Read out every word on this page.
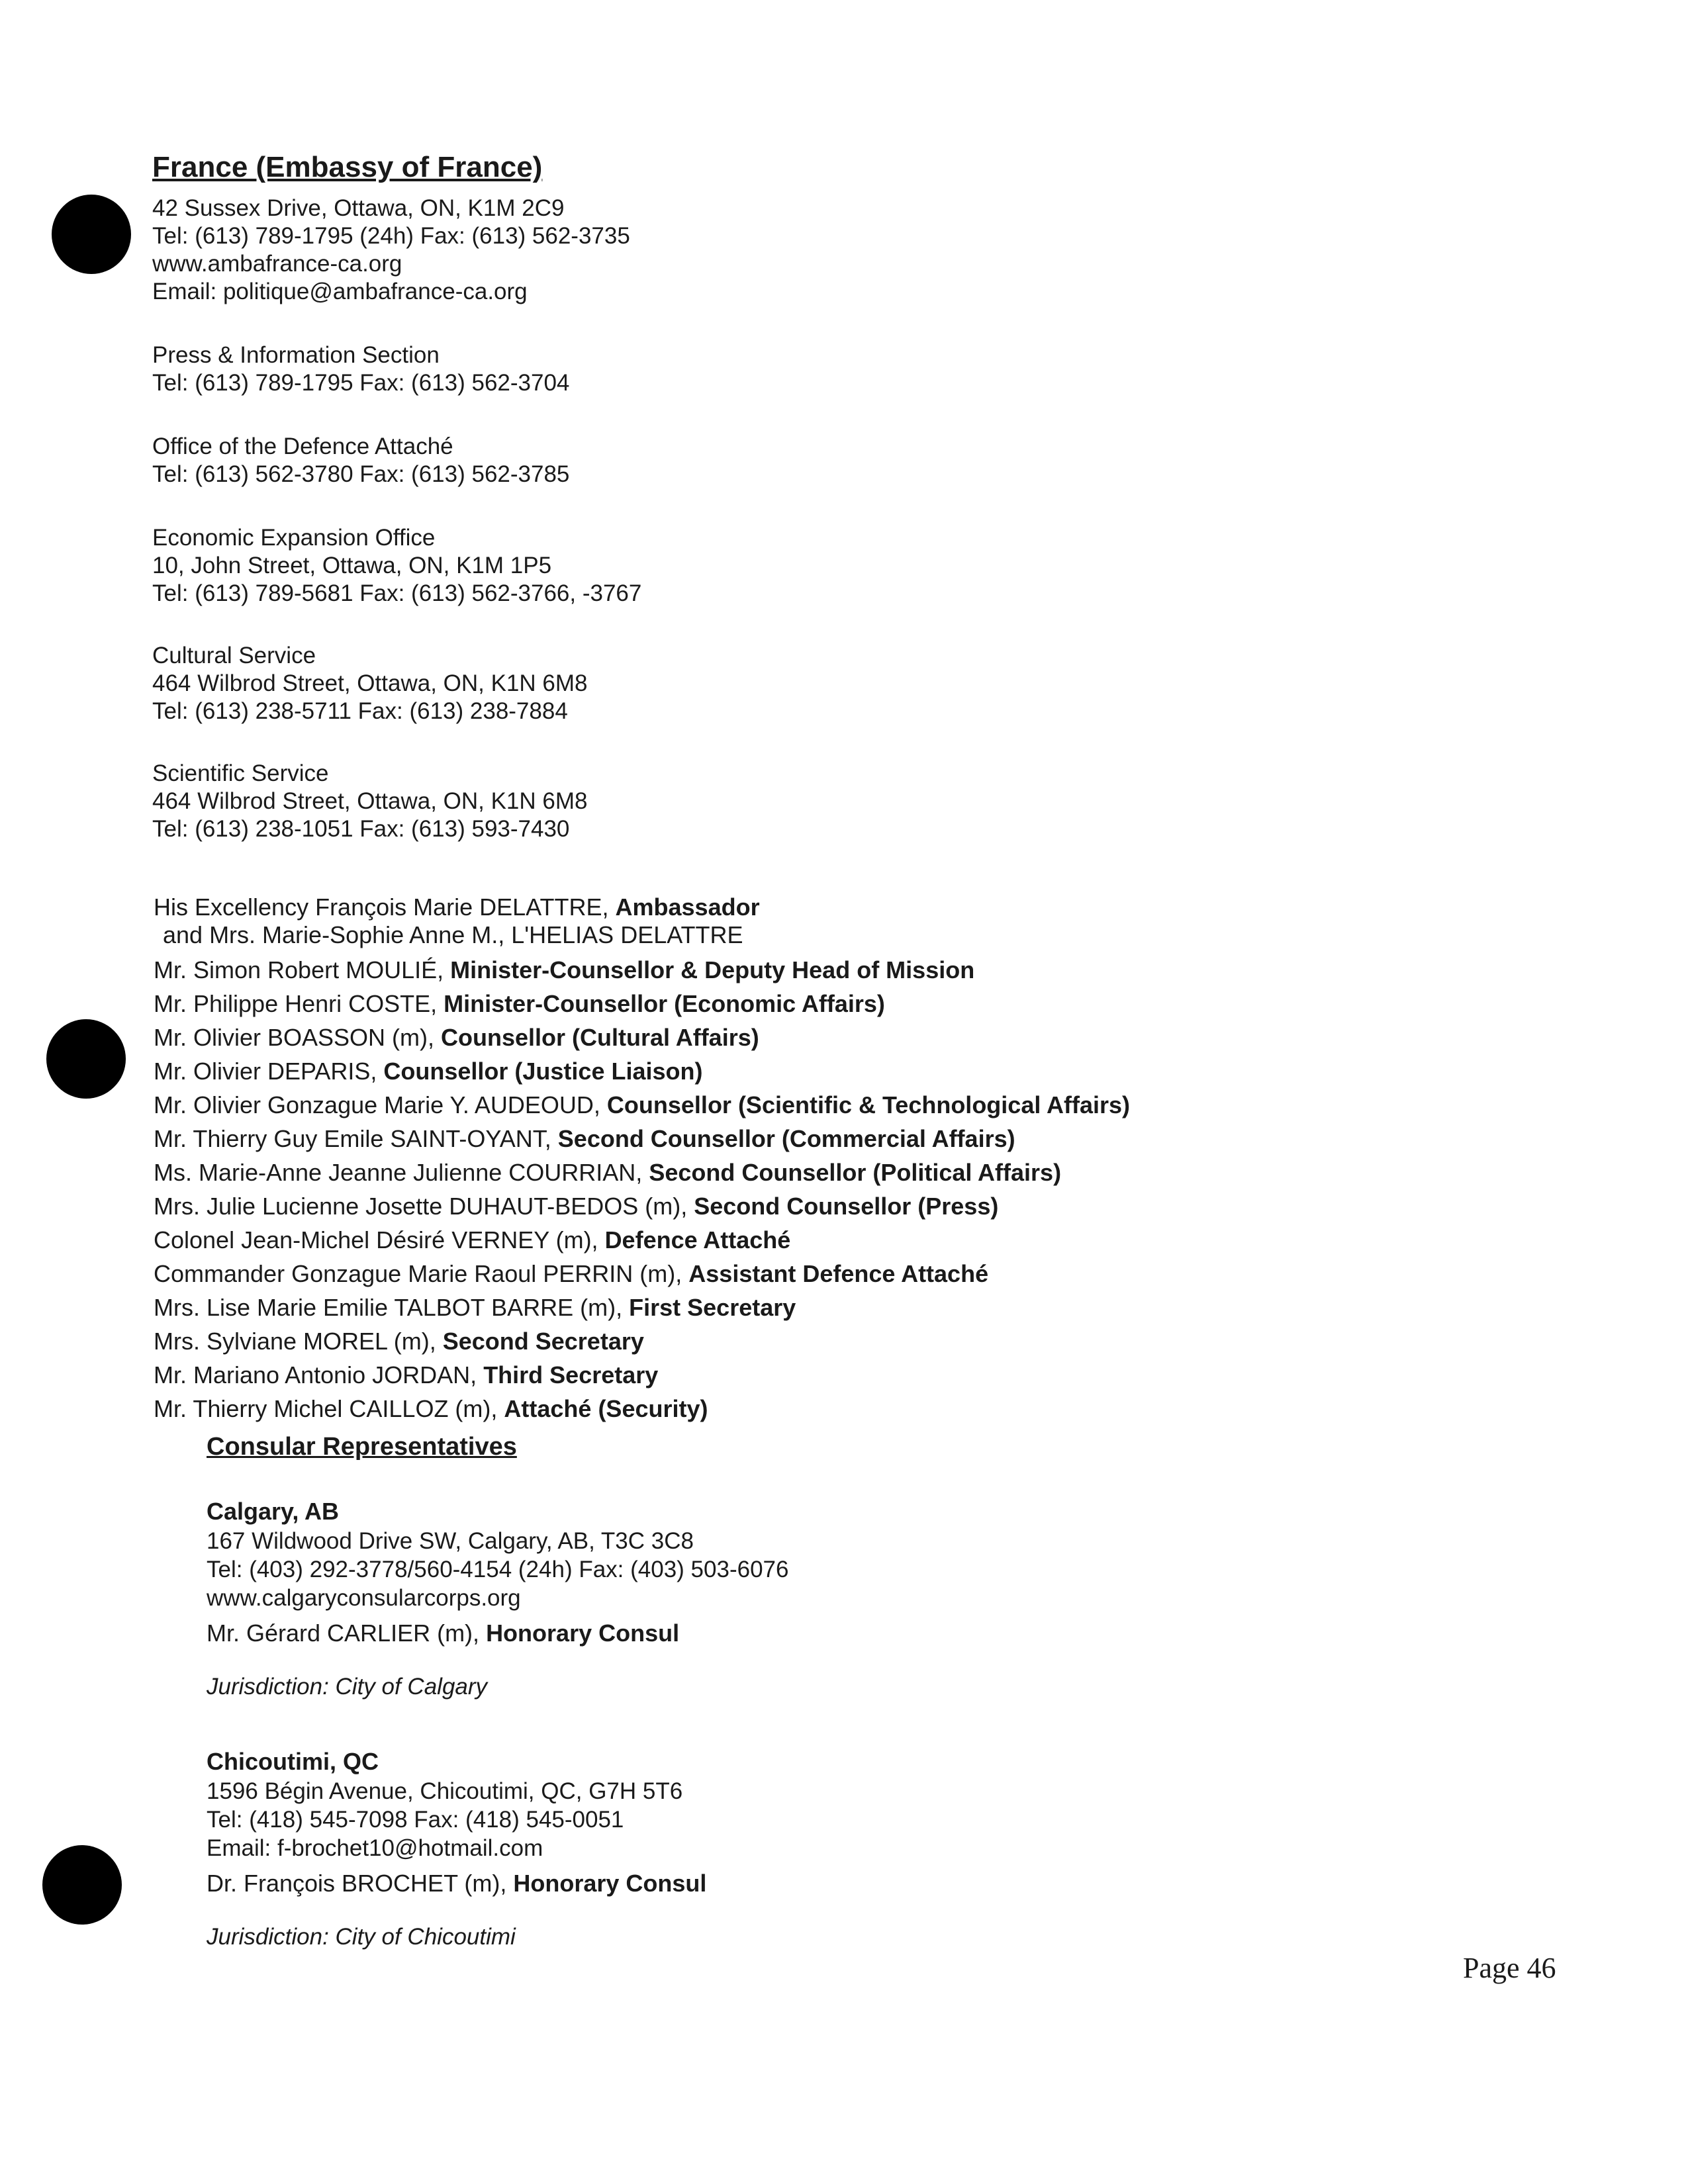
France (Embassy of France)
42 Sussex Drive, Ottawa, ON, K1M 2C9
Tel: (613) 789-1795 (24h) Fax: (613) 562-3735
www.ambafrance-ca.org
Email: politique@ambafrance-ca.org
Press & Information Section
Tel: (613) 789-1795 Fax: (613) 562-3704
Office of the Defence Attaché
Tel: (613) 562-3780 Fax: (613) 562-3785
Economic Expansion Office
10, John Street, Ottawa, ON, K1M 1P5
Tel: (613) 789-5681 Fax: (613) 562-3766, -3767
Cultural Service
464 Wilbrod Street, Ottawa, ON, K1N 6M8
Tel: (613) 238-5711 Fax: (613) 238-7884
Scientific Service
464 Wilbrod Street, Ottawa, ON, K1N 6M8
Tel: (613) 238-1051 Fax: (613) 593-7430
His Excellency François Marie DELATTRE, Ambassador
and Mrs. Marie-Sophie Anne M., L'HELIAS DELATTRE
Mr. Simon Robert MOULIÉ, Minister-Counsellor & Deputy Head of Mission
Mr. Philippe Henri COSTE, Minister-Counsellor (Economic Affairs)
Mr. Olivier BOASSON (m), Counsellor (Cultural Affairs)
Mr. Olivier DEPARIS, Counsellor (Justice Liaison)
Mr. Olivier Gonzague Marie Y. AUDEOUD, Counsellor (Scientific & Technological Affairs)
Mr. Thierry Guy Emile SAINT-OYANT, Second Counsellor (Commercial Affairs)
Ms. Marie-Anne Jeanne Julienne COURRIAN, Second Counsellor (Political Affairs)
Mrs. Julie Lucienne Josette DUHAUT-BEDOS (m), Second Counsellor (Press)
Colonel Jean-Michel Désiré VERNEY (m), Defence Attaché
Commander Gonzague Marie Raoul PERRIN (m), Assistant Defence Attaché
Mrs. Lise Marie Emilie TALBOT BARRE (m), First Secretary
Mrs. Sylviane MOREL (m), Second Secretary
Mr. Mariano Antonio JORDAN, Third Secretary
Mr. Thierry Michel CAILLOZ (m), Attaché (Security)
Consular Representatives
Calgary, AB
167 Wildwood Drive SW, Calgary, AB, T3C 3C8
Tel: (403) 292-3778/560-4154 (24h) Fax: (403) 503-6076
www.calgaryconsularcorps.org
Mr. Gérard CARLIER (m), Honorary Consul
Jurisdiction: City of Calgary
Chicoutimi, QC
1596 Bégin Avenue, Chicoutimi, QC, G7H 5T6
Tel: (418) 545-7098 Fax: (418) 545-0051
Email: f-brochet10@hotmail.com
Dr. François BROCHET (m), Honorary Consul
Jurisdiction: City of Chicoutimi
Page 46
